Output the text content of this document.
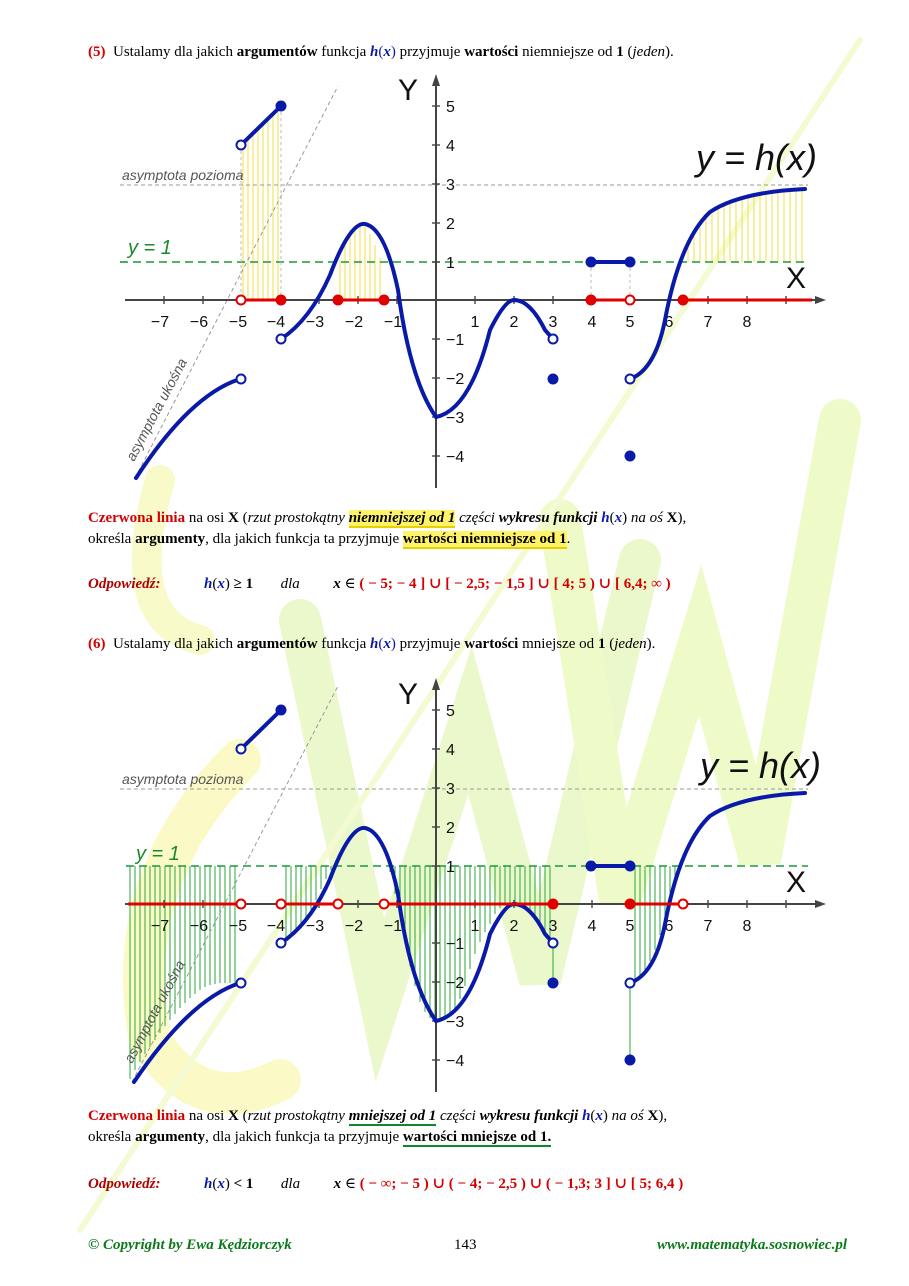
(5) Ustalamy dla jakich argumentów funkcja h(x) przyjmuje wartości niemniejsze od 1 (jeden).
−7 −6 −5 −4 −3 −2 −1	1 2 3 4 5 6 7 8
5
4
3
2
1
−1
−2
−3
−4
Y
X
asymptota pozioma
asymptota ukośna
y = 1
y = h(x)
Czerwona linia na osi X (rzut prostokątny niemniejszej od 1 części wykresu funkcji h(x) na oś X),
określa argumenty, dla jakich funkcja ta przyjmuje wartości niemniejsze od 1.
Odpowiedź:	h(x) ≥ 1 dla x ∈ ( − 5; − 4 ] ∪ [ − 2,5; − 1,5 ] ∪ [ 4; 5 ) ∪ [ 6,4; ∞ )
(6) Ustalamy dla jakich argumentów funkcja h(x) przyjmuje wartości mniejsze od 1 (jeden).
−7 −6 −5 −4 −3 −2 −1	1 2 3 4 5 6 7 8
5
4
3
2
1
−1
−2
−3
−4
Y
X
asymptota pozioma
asymptota ukośna
y = 1
y = h(x)
Czerwona linia na osi X (rzut prostokątny mniejszej od 1 części wykresu funkcji h(x) na oś X),
określa argumenty, dla jakich funkcja ta przyjmuje wartości mniejsze od 1.
Odpowiedź:	h(x) < 1 dla x ∈ ( − ∞; − 5 ) ∪ ( − 4; − 2,5 ) ∪ ( − 1,3; 3 ] ∪ [ 5; 6,4 )
© Copyright by Ewa Kędziorczyk	143	www.matematyka.sosnowiec.pl
